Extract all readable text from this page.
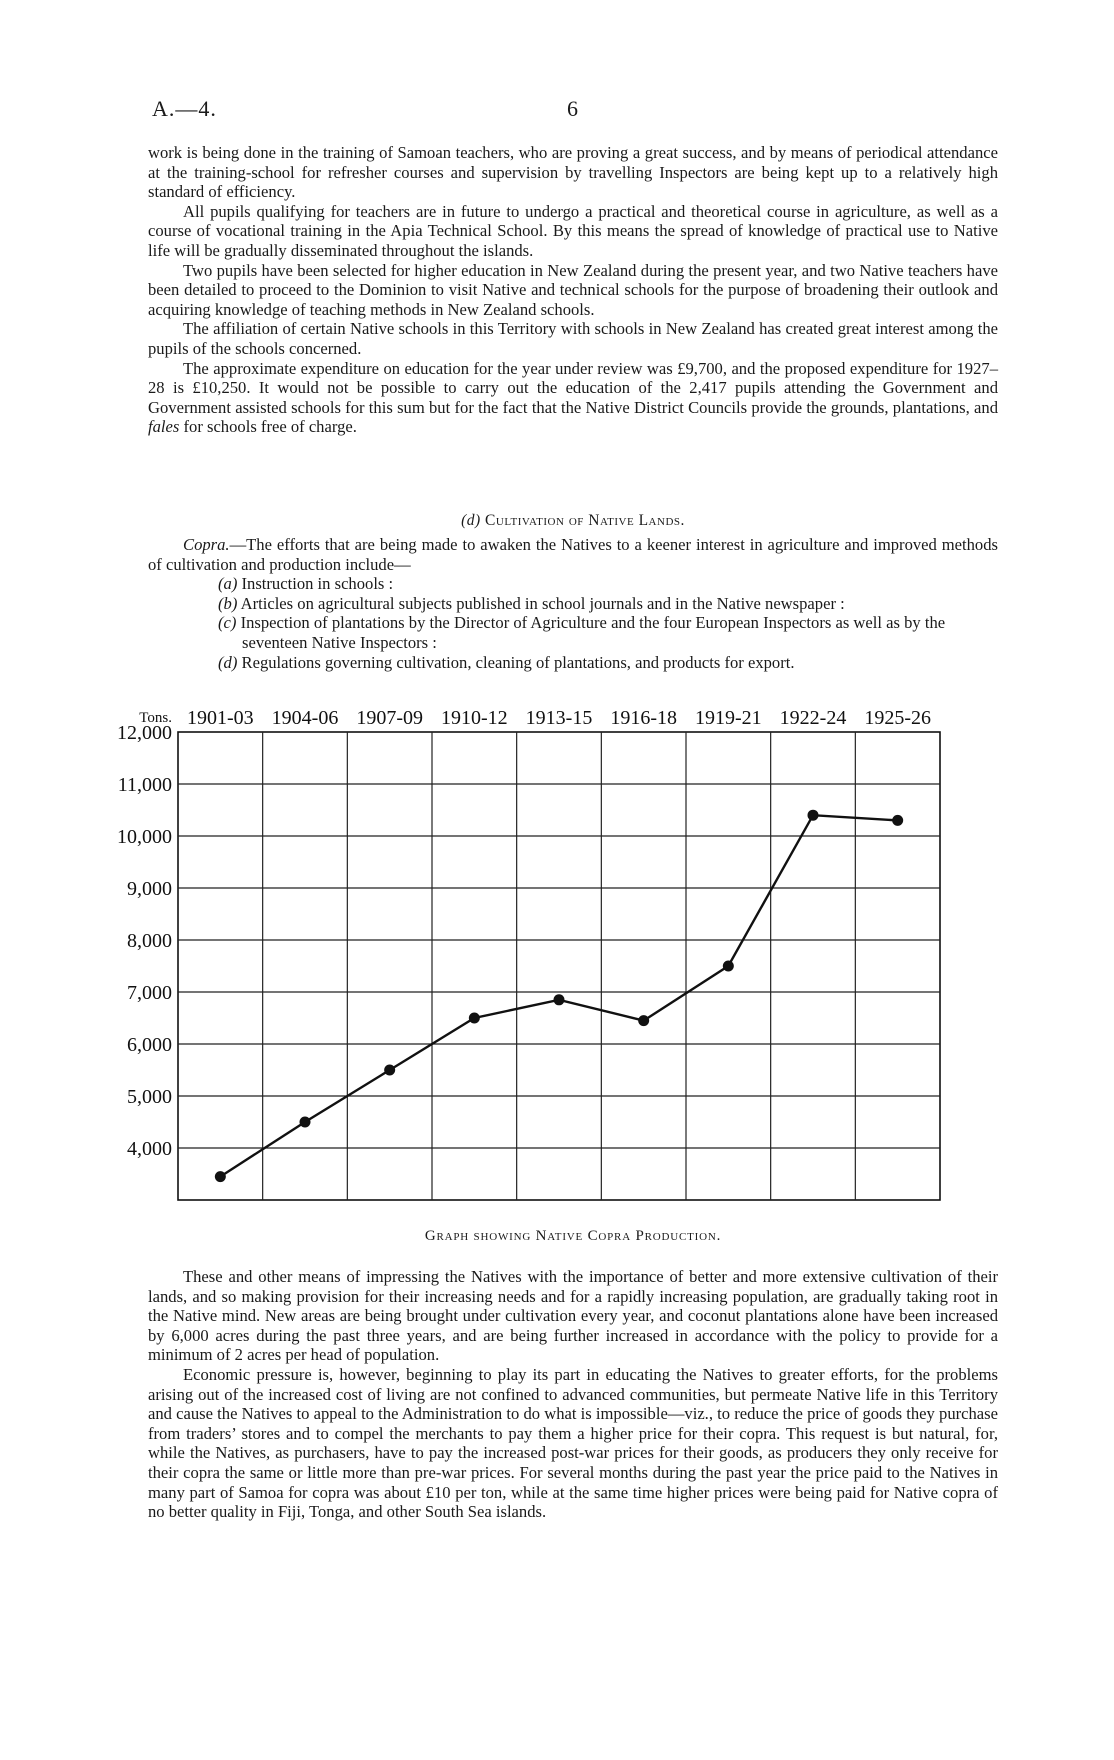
A.—4.	6

work is being done in the training of Samoan teachers, who are proving a great success, and by means of periodical attendance at the training-school for refresher courses and supervision by travelling Inspectors are being kept up to a relatively high standard of efficiency.

All pupils qualifying for teachers are in future to undergo a practical and theoretical course in agriculture, as well as a course of vocational training in the Apia Technical School. By this means the spread of knowledge of practical use to Native life will be gradually disseminated throughout the islands.

Two pupils have been selected for higher education in New Zealand during the present year, and two Native teachers have been detailed to proceed to the Dominion to visit Native and technical schools for the purpose of broadening their outlook and acquiring knowledge of teaching methods in New Zealand schools.

The affiliation of certain Native schools in this Territory with schools in New Zealand has created great interest among the pupils of the schools concerned.

The approximate expenditure on education for the year under review was £9,700, and the proposed expenditure for 1927–28 is £10,250. It would not be possible to carry out the education of the 2,417 pupils attending the Government and Government assisted schools for this sum but for the fact that the Native District Councils provide the grounds, plantations, and fales for schools free of charge.

(d) Cultivation of Native Lands.

Copra.—The efforts that are being made to awaken the Natives to a keener interest in agriculture and improved methods of cultivation and production include—

(a) Instruction in schools :
(b) Articles on agricultural subjects published in school journals and in the Native newspaper :
(c) Inspection of plantations by the Director of Agriculture and the four European Inspectors as well as by the seventeen Native Inspectors :
(d) Regulations governing cultivation, cleaning of plantations, and products for export.
12,000
11,000
10,000
9,000
8,000
7,000
6,000
5,000
4,000
Tons. 1901-03 1904-06 1907-09 1910-12 1913-15 1916-18 1919-21 1922-24 1925-26
Graph showing Native Copra Production.

These and other means of impressing the Natives with the importance of better and more extensive cultivation of their lands, and so making provision for their increasing needs and for a rapidly increasing population, are gradually taking root in the Native mind. New areas are being brought under cultivation every year, and coconut plantations alone have been increased by 6,000 acres during the past three years, and are being further increased in accordance with the policy to provide for a minimum of 2 acres per head of population.

Economic pressure is, however, beginning to play its part in educating the Natives to greater efforts, for the problems arising out of the increased cost of living are not confined to advanced communities, but permeate Native life in this Territory and cause the Natives to appeal to the Administration to do what is impossible—viz., to reduce the price of goods they purchase from traders’ stores and to compel the merchants to pay them a higher price for their copra. This request is but natural, for, while the Natives, as purchasers, have to pay the increased post-war prices for their goods, as producers they only receive for their copra the same or little more than pre-war prices. For several months during the past year the price paid to the Natives in many part of Samoa for copra was about £10 per ton, while at the same time higher prices were being paid for Native copra of no better quality in Fiji, Tonga, and other South Sea islands.
